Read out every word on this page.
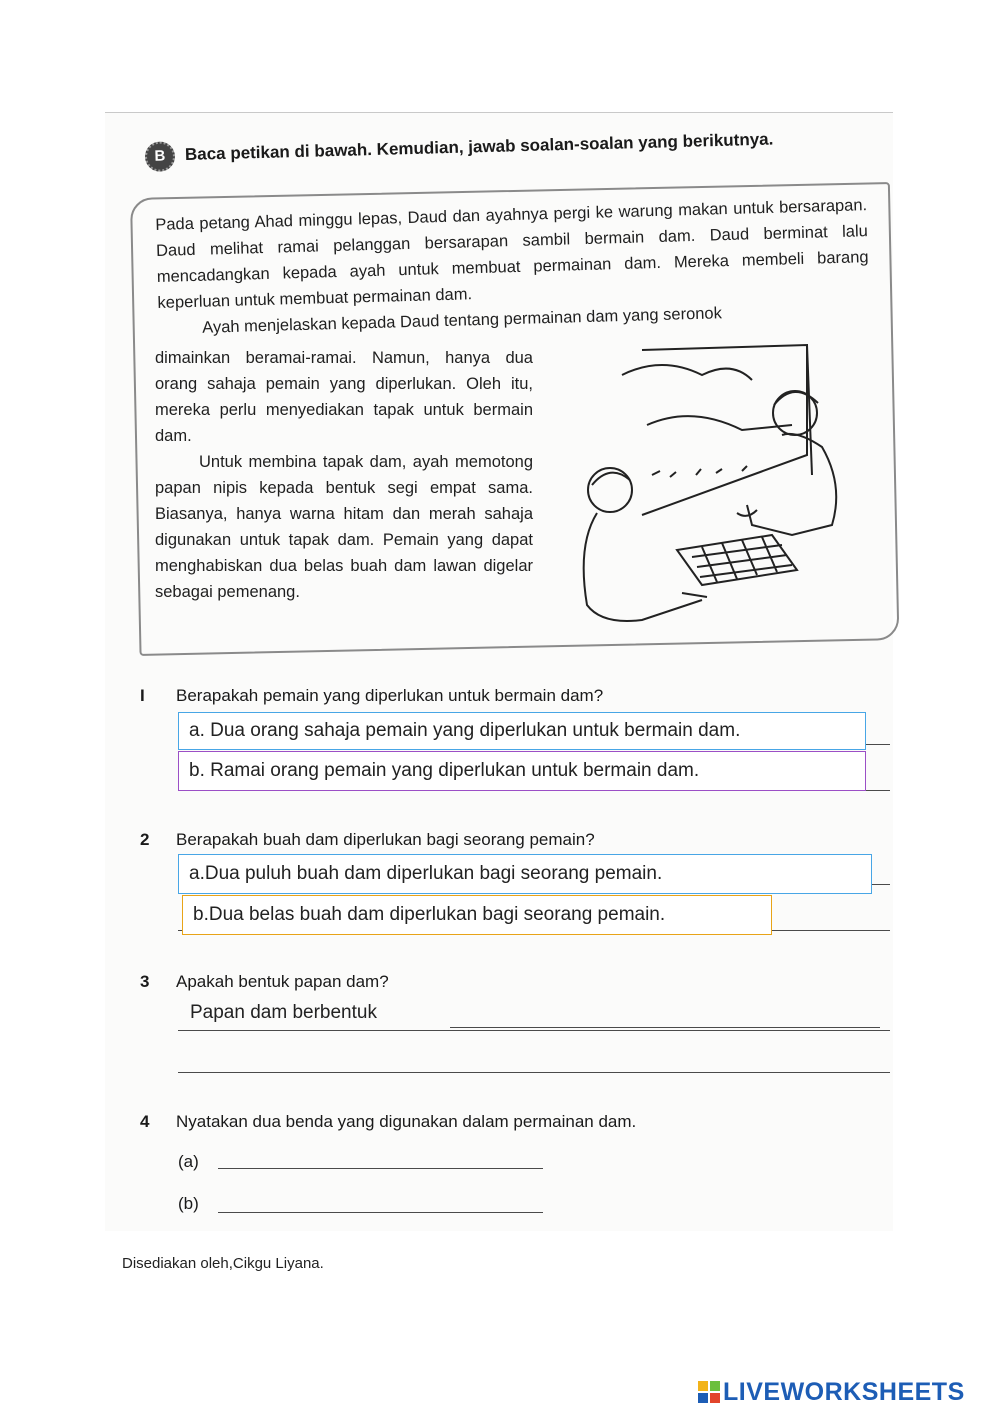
B Baca petikan di bawah. Kemudian, jawab soalan-soalan yang berikutnya.

Pada petang Ahad minggu lepas, Daud dan ayahnya pergi ke warung makan untuk bersarapan. Daud melihat ramai pelanggan bersarapan sambil bermain dam. Daud berminat lalu mencadangkan kepada ayah untuk membuat permainan dam. Mereka membeli barang keperluan untuk membuat permainan dam.

Ayah menjelaskan kepada Daud tentang permainan dam yang seronok

dimainkan beramai-ramai. Namun, hanya dua orang sahaja pemain yang diperlukan. Oleh itu, mereka perlu menyediakan tapak untuk bermain dam.

Untuk membina tapak dam, ayah memotong papan nipis kepada bentuk segi empat sama. Biasanya, hanya warna hitam dan merah sahaja digunakan untuk tapak dam. Pemain yang dapat menghabiskan dua belas buah dam lawan digelar sebagai pemenang.

I Berapakah pemain yang diperlukan untuk bermain dam?
a. Dua orang sahaja pemain yang diperlukan untuk bermain dam.
b. Ramai orang pemain yang diperlukan untuk bermain dam.
2 Berapakah buah dam diperlukan bagi seorang pemain?
a.Dua puluh buah dam diperlukan bagi seorang pemain.
b.Dua belas buah dam diperlukan bagi seorang pemain.
3 Apakah bentuk papan dam?
Papan dam berbentuk
4 Nyatakan dua benda yang digunakan dalam permainan dam.
(a)
(b)
Disediakan oleh,Cikgu Liyana.
LIVEWORKSHEETS
